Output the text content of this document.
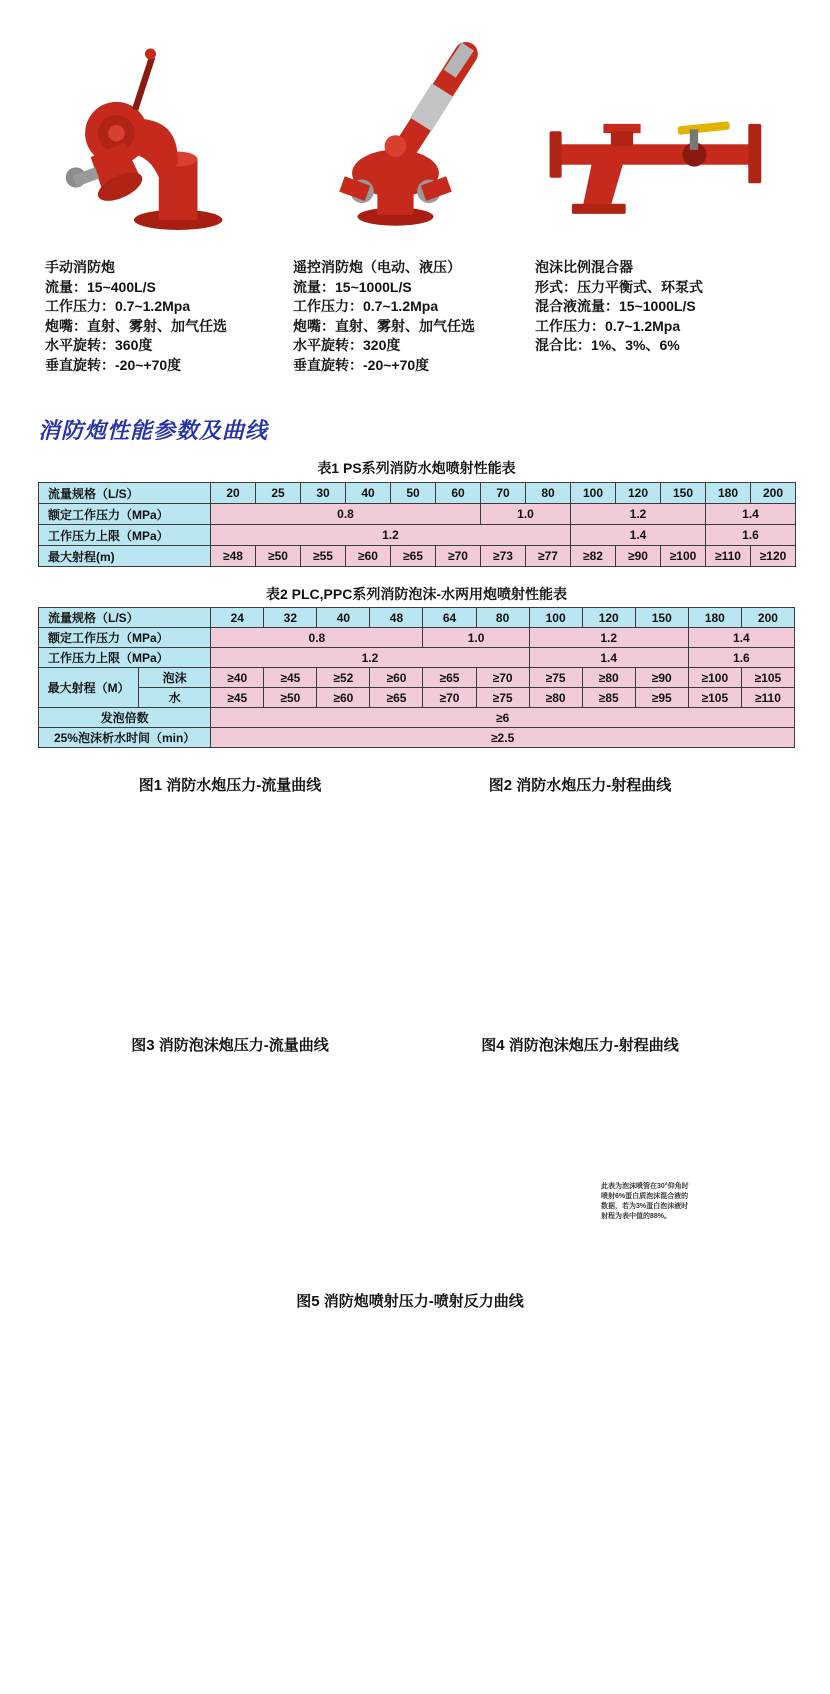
手动消防炮
流量：15~400L/S
工作压力：0.7~1.2Mpa
炮嘴：直射、雾射、加气任选
水平旋转：360度
垂直旋转：-20~+70度
遥控消防炮（电动、液压）
流量：15~1000L/S
工作压力：0.7~1.2Mpa
炮嘴：直射、雾射、加气任选
水平旋转：320度
垂直旋转：-20~+70度
泡沫比例混合器
形式：压力平衡式、环泵式
混合液流量：15~1000L/S
工作压力：0.7~1.2Mpa
混合比：1%、3%、6%
消防炮性能参数及曲线
表1 PS系列消防水炮喷射性能表
流量规格（L/S）	20	25	30	40	50	60	70	80	100	120	150	180	200
额定工作压力（MPa）	0.8						1.0		1.2			1.4	
工作压力上限（MPa）	1.2								1.4			1.6	
最大射程(m)	≥48	≥50	≥55	≥60	≥65	≥70	≥73	≥77	≥82	≥90	≥100	≥110	≥120
表2 PLC,PPC系列消防泡沫-水两用炮喷射性能表
流量规格（L/S）		24	32	40	48	64	80	100	120	150	180	200
额定工作压力（MPa）		0.8				1.0		1.2			1.4	
工作压力上限（MPa）		1.2						1.4			1.6	
最大射程（M）	泡沫	≥40	≥45	≥52	≥60	≥65	≥70	≥75	≥80	≥90	≥100	≥105
	水	≥45	≥50	≥60	≥65	≥70	≥75	≥80	≥85	≥95	≥105	≥110
发泡倍数		≥6										
25%泡沫析水时间（min）		≥2.5										
图1 消防水炮压力-流量曲线	图2 消防水炮压力-射程曲线
图3 消防泡沫炮压力-流量曲线
此表为泡沫喷管在30°仰角时喷射6%蛋白质泡沫混合液的数据，若为3%蛋白泡沫液时射程为表中值的88%。
图4 消防泡沫炮压力-射程曲线
图5 消防炮喷射压力-喷射反力曲线
